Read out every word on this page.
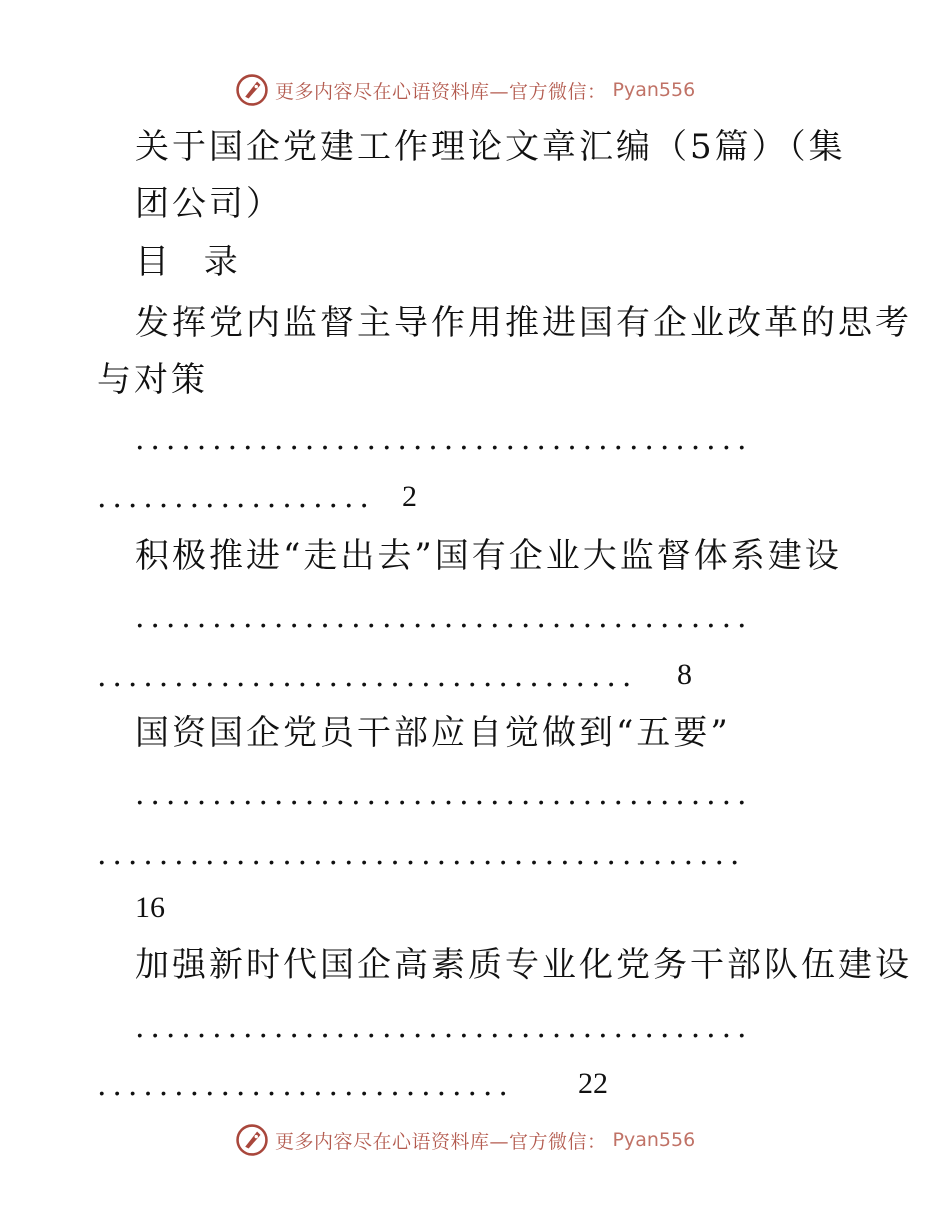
更多内容尽在心语资料库—官方微信： Pyan556
关于国企党建工作理论文章汇编（5篇）（集
团公司）
目 录
发挥党内监督主导作用推进国有企业改革的思考
与对策
........................................
.................. 2
积极推进“走出去”国有企业大监督体系建设
........................................
................................... 8
国资国企党员干部应自觉做到“五要”
........................................
..........................................
16
加强新时代国企高素质专业化党务干部队伍建设
........................................
........................... 22
更多内容尽在心语资料库—官方微信： Pyan556
